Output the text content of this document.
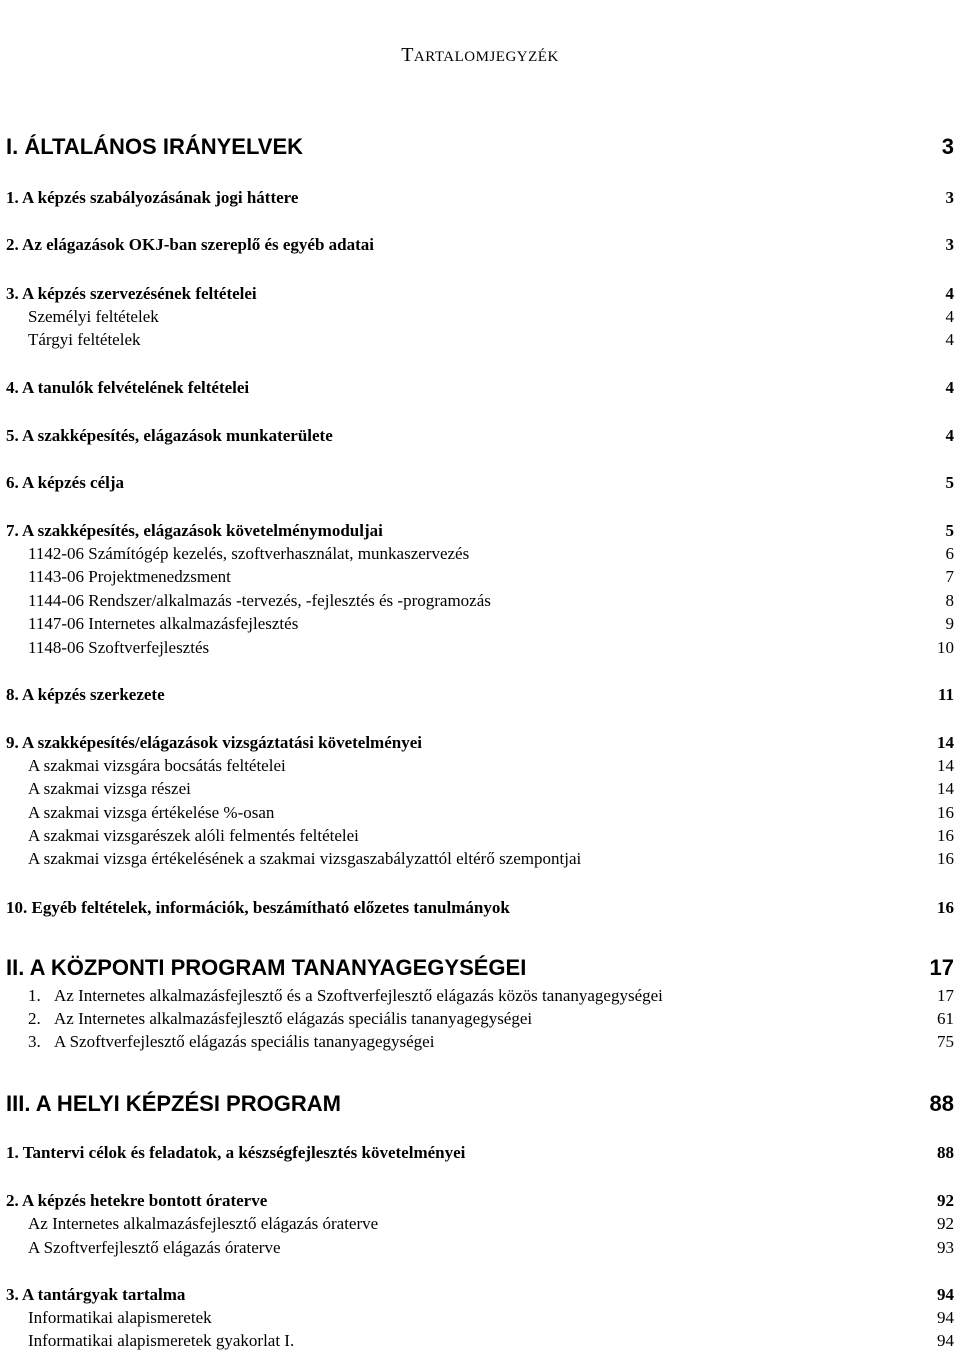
TARTALOMJEGYZÉK
I. ÁLTALÁNOS IRÁNYELVEK	3
1. A képzés szabályozásának jogi háttere	3
2. Az elágazások OKJ-ban szereplő és egyéb adatai	3
3. A képzés szervezésének feltételei	4
Személyi feltételek	4
Tárgyi feltételek	4
4. A tanulók felvételének feltételei	4
5. A szakképesítés, elágazások munkaterülete	4
6. A képzés célja	5
7. A szakképesítés, elágazások követelménymoduljai	5
1142-06 Számítógép kezelés, szoftverhasználat, munkaszervezés	6
1143-06 Projektmenedzsment	7
1144-06 Rendszer/alkalmazás -tervezés, -fejlesztés és -programozás	8
1147-06 Internetes alkalmazásfejlesztés	9
1148-06 Szoftverfejlesztés	10
8. A képzés szerkezete	11
9. A szakképesítés/elágazások vizsgáztatási követelményei	14
A szakmai vizsgára bocsátás feltételei	14
A szakmai vizsga részei	14
A szakmai vizsga értékelése %-osan	16
A szakmai vizsgarészek alóli felmentés feltételei	16
A szakmai vizsga értékelésének a szakmai vizsgaszabályzattól eltérő szempontjai	16
10. Egyéb feltételek, információk, beszámítható előzetes tanulmányok	16
II. A KÖZPONTI PROGRAM TANANYAGEGYSÉGEI	17
1. Az Internetes alkalmazásfejlesztő és a Szoftverfejlesztő elágazás közös tananyagegységei	17
2. Az Internetes alkalmazásfejlesztő elágazás speciális tananyagegységei	61
3. A Szoftverfejlesztő elágazás speciális tananyagegységei	75
III. A HELYI KÉPZÉSI PROGRAM	88
1. Tantervi célok és feladatok, a készségfejlesztés követelményei	88
2. A képzés hetekre bontott óraterve	92
Az Internetes alkalmazásfejlesztő elágazás óraterve	92
A Szoftverfejlesztő elágazás óraterve	93
3. A tantárgyak tartalma	94
Informatikai alapismeretek	94
Informatikai alapismeretek gyakorlat I.	94
